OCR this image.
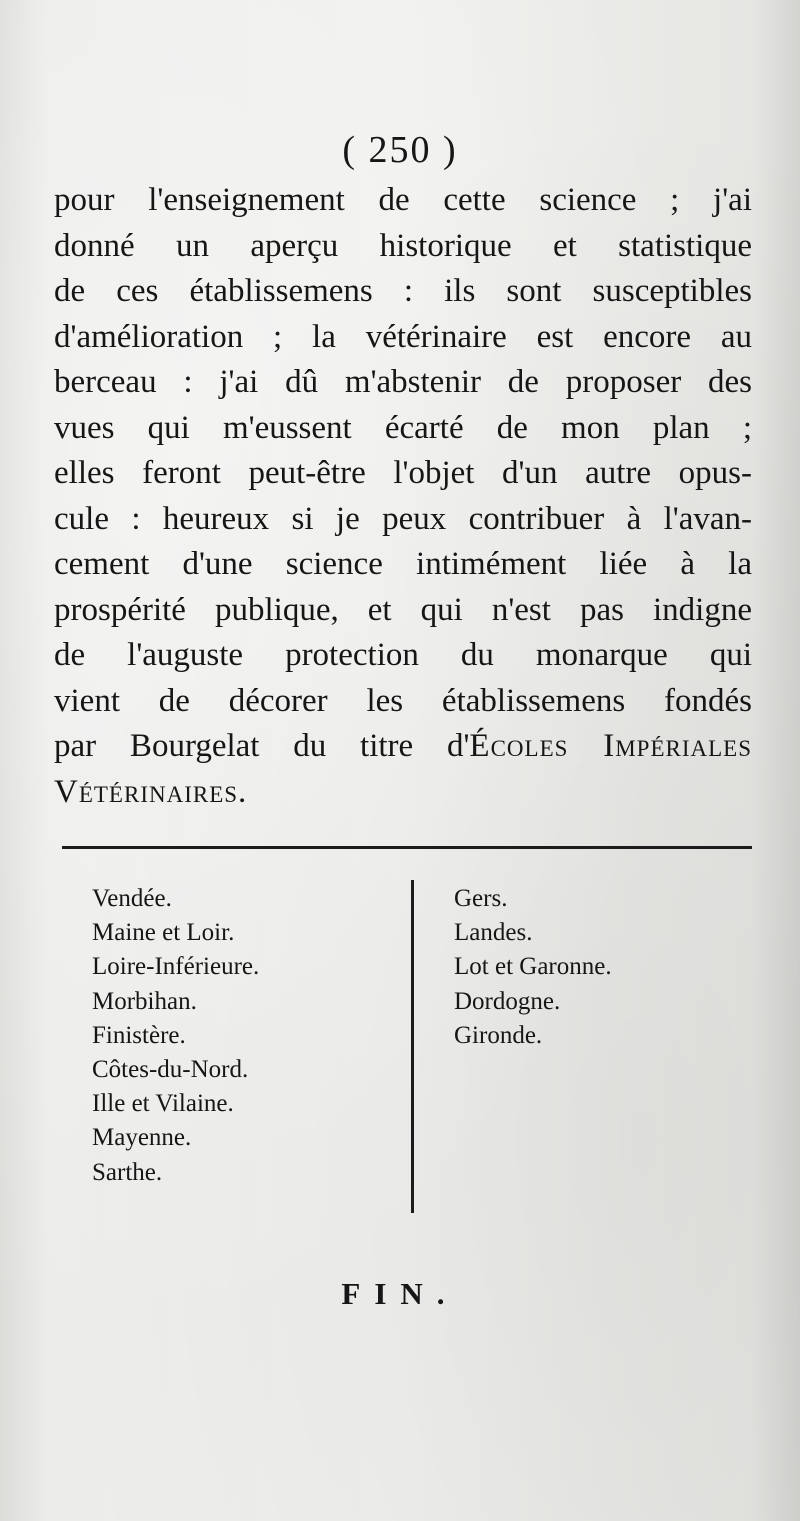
( 250 )
pour l'enseignement de cette science ; j'ai
donné un aperçu historique et statistique
de ces établissemens : ils sont susceptibles
d'amélioration ; la vétérinaire est encore au
berceau : j'ai dû m'abstenir de proposer des
vues qui m'eussent écarté de mon plan ;
elles feront peut-être l'objet d'un autre opus-
cule : heureux si je peux contribuer à l'avan-
cement d'une science intimément liée à la
prospérité publique, et qui n'est pas indigne
de l'auguste protection du monarque qui
vient de décorer les établissemens fondés
par Bourgelat du titre d'Écoles Impériales
Vétérinaires.
Vendée.
Maine et Loir.
Loire-Inférieure.
Morbihan.
Finistère.
Côtes-du-Nord.
Ille et Vilaine.
Mayenne.
Sarthe.
Gers.
Landes.
Lot et Garonne.
Dordogne.
Gironde.
FIN.
